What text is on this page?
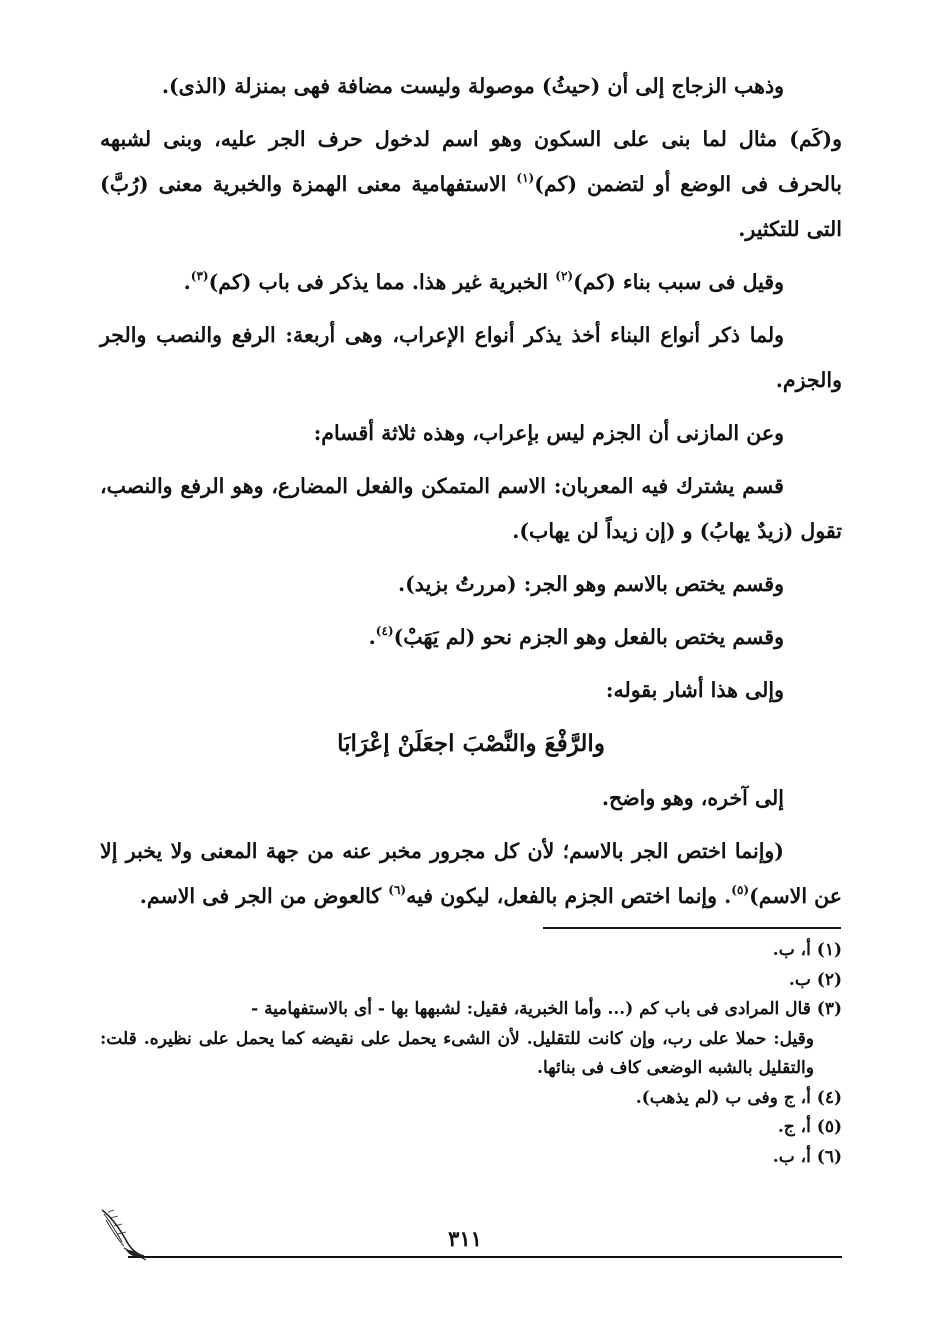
وذهب الزجاج إلى أن (حيثُ) موصولة وليست مضافة فهى بمنزلة (الذى).

و(كَم) مثال لما بنى على السكون وهو اسم لدخول حرف الجر عليه، وبنى لشبهه بالحرف فى الوضع أو لتضمن (كم)$^{(١)}$ الاستفهامية معنى الهمزة والخبرية معنى (رُبَّ) التى للتكثير.

وقيل فى سبب بناء (كم)$^{(٢)}$ الخبرية غير هذا. مما يذكر فى باب (كم)$^{(٣)}$.

ولما ذكر أنواع البناء أخذ يذكر أنواع الإعراب، وهى أربعة: الرفع والنصب والجر والجزم.

وعن المازنى أن الجزم ليس بإعراب، وهذه ثلاثة أقسام:

قسم يشترك فيه المعربان: الاسم المتمكن والفعل المضارع، وهو الرفع والنصب، تقول (زيدٌ يهابُ) و (إن زيداً لن يهاب).

وقسم يختص بالاسم وهو الجر: (مررتُ بزيد).

وقسم يختص بالفعل وهو الجزم نحو (لم يَهَبْ)$^{(٤)}$.

وإلى هذا أشار بقوله:

والرَّفْعَ والنَّصْبَ اجعَلَنْ إعْرَابَا

إلى آخره، وهو واضح.

(وإنما اختص الجر بالاسم؛ لأن كل مجرور مخبر عنه من جهة المعنى ولا يخبر إلا عن الاسم)$^{(٥)}$. وإنما اختص الجزم بالفعل، ليكون فيه$^{(٦)}$ كالعوض من الجر فى الاسم.

(١) أ، ب.

(٢) ب.

(٣) قال المرادى فى باب كم (... وأما الخبرية، فقيل: لشبهها بها - أى بالاستفهامية -

وقيل: حملا على رب، وإن كانت للتقليل. لأن الشىء يحمل على نقيضه كما يحمل على نظيره. قلت: والتقليل بالشبه الوضعى كاف فى بنائها.

(٤) أ، ج وفى ب (لم يذهب).

(٥) أ، ج.

(٦) أ، ب.

٣١١
